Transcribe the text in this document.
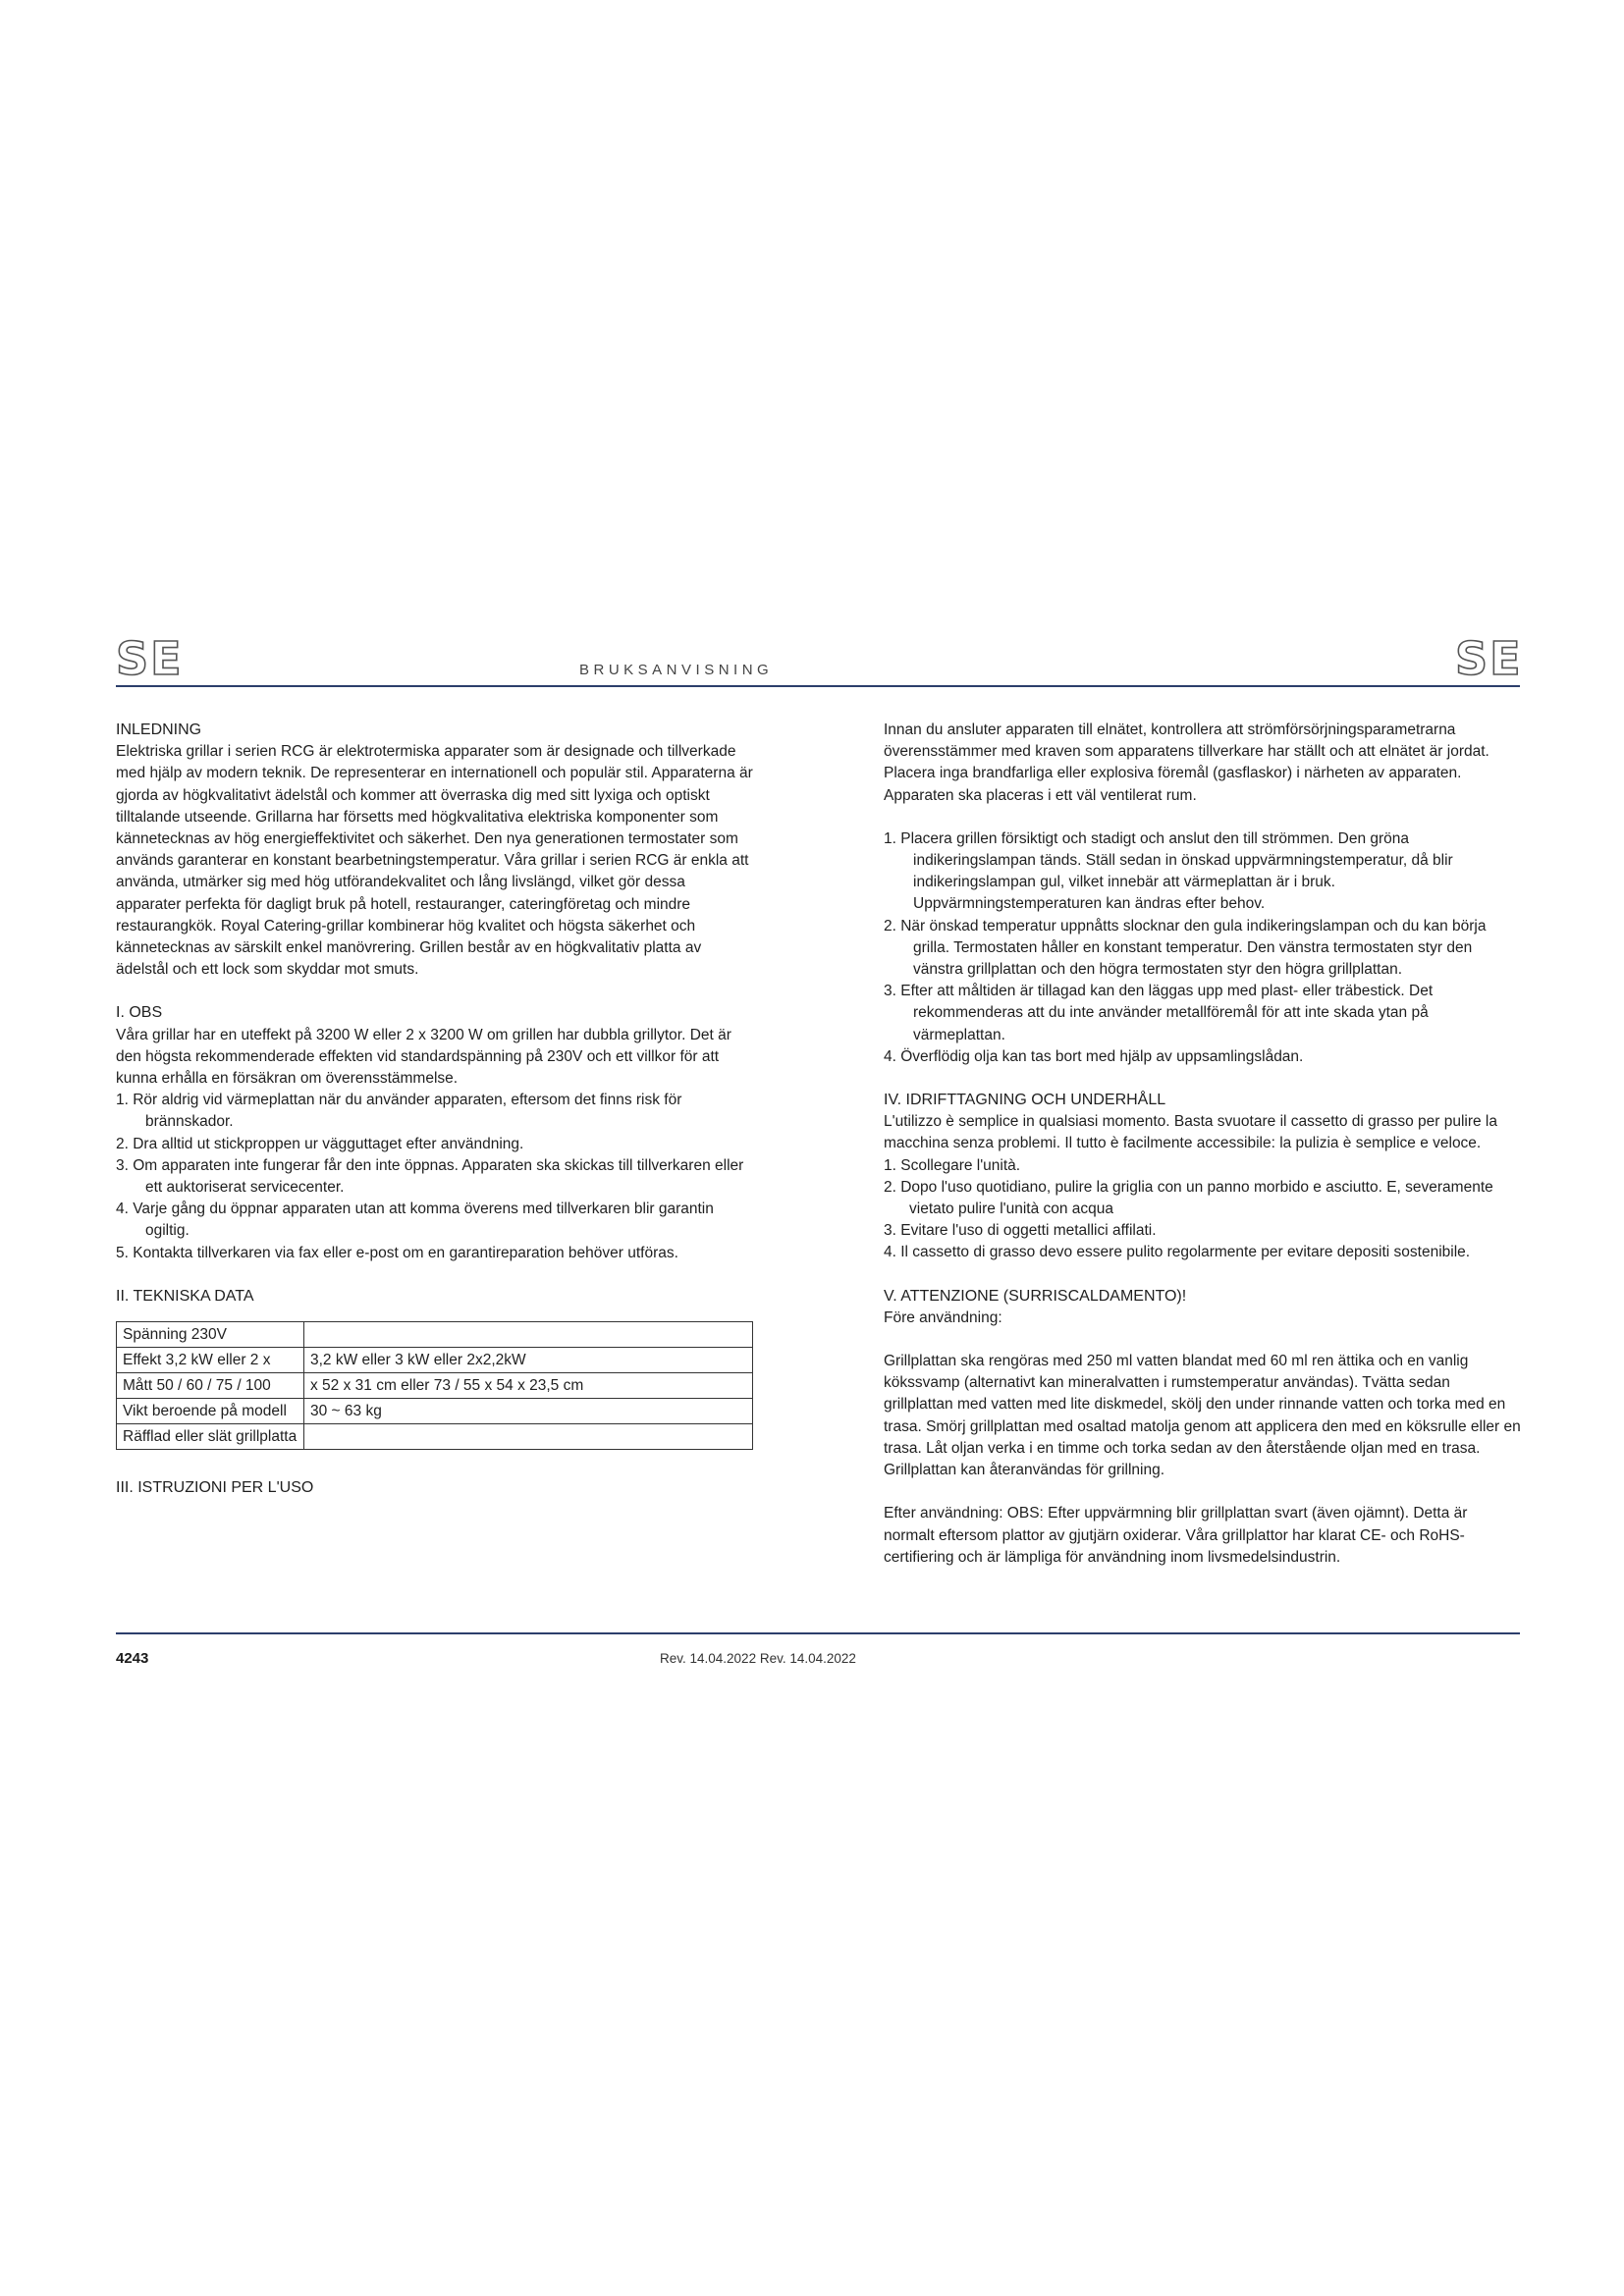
SE	BRUKSANVISNING	SE

INLEDNING

Elektriska grillar i serien RCG är elektrotermiska apparater som är designade och tillverkade med hjälp av modern teknik. De representerar en internationell och populär stil. Apparaterna är gjorda av högkvalitativt ädelstål och kommer att överraska dig med sitt lyxiga och optiskt tilltalande utseende. Grillarna har försetts med högkvalitativa elektriska komponenter som kännetecknas av hög energieffektivitet och säkerhet. Den nya generationen termostater som används garanterar en konstant bearbetningstemperatur. Våra grillar i serien RCG är enkla att använda, utmärker sig med hög utförandekvalitet och lång livslängd, vilket gör dessa apparater perfekta för dagligt bruk på hotell, restauranger, cateringföretag och mindre restaurangkök. Royal Catering-grillar kombinerar hög kvalitet och högsta säkerhet och kännetecknas av särskilt enkel manövrering. Grillen består av en högkvalitativ platta av ädelstål och ett lock som skyddar mot smuts.

I. OBS

Våra grillar har en uteffekt på 3200 W eller 2 x 3200 W om grillen har dubbla grillytor. Det är den högsta rekommenderade effekten vid standardspänning på 230V och ett villkor för att kunna erhålla en försäkran om överensstämmelse.

1. Rör aldrig vid värmeplattan när du använder apparaten, eftersom det finns risk för brännskador.
2. Dra alltid ut stickproppen ur vägguttaget efter användning.
3. Om apparaten inte fungerar får den inte öppnas. Apparaten ska skickas till tillverkaren eller ett auktoriserat servicecenter.
4. Varje gång du öppnar apparaten utan att komma överens med tillverkaren blir garantin ogiltig.
5. Kontakta tillverkaren via fax eller e-post om en garantireparation behöver utföras.

II. TEKNISKA DATA

Spänning 230V	
Effekt 3,2 kW eller 2 x	3,2 kW eller 3 kW eller 2x2,2kW
Mått 50 / 60 / 75 / 100	x 52 x 31 cm eller 73 / 55 x 54 x 23,5 cm
Vikt beroende på modell	30 ~ 63 kg
Räfflad eller slät grillplatta	

III. ISTRUZIONI PER L'USO

Innan du ansluter apparaten till elnätet, kontrollera att strömförsörjningsparametrarna överensstämmer med kraven som apparatens tillverkare har ställt och att elnätet är jordat. Placera inga brandfarliga eller explosiva föremål (gasflaskor) i närheten av apparaten. Apparaten ska placeras i ett väl ventilerat rum.

1. Placera grillen försiktigt och stadigt och anslut den till strömmen. Den gröna indikeringslampan tänds. Ställ sedan in önskad uppvärmningstemperatur, då blir indikeringslampan gul, vilket innebär att värmeplattan är i bruk. Uppvärmningstemperaturen kan ändras efter behov.
2. När önskad temperatur uppnåtts slocknar den gula indikeringslampan och du kan börja grilla. Termostaten håller en konstant temperatur. Den vänstra termostaten styr den vänstra grillplattan och den högra termostaten styr den högra grillplattan.
3. Efter att måltiden är tillagad kan den läggas upp med plast- eller träbestick. Det rekommenderas att du inte använder metallföremål för att inte skada ytan på värmeplattan.
4. Överflödig olja kan tas bort med hjälp av uppsamlingslådan.

IV. IDRIFTTAGNING OCH UNDERHÅLL

L'utilizzo è semplice in qualsiasi momento. Basta svuotare il cassetto di grasso per pulire la macchina senza problemi. Il tutto è facilmente accessibile: la pulizia è semplice e veloce.

1. Scollegare l'unità.
2. Dopo l'uso quotidiano, pulire la griglia con un panno morbido e asciutto. E, severamente vietato pulire l'unità con acqua
3. Evitare l'uso di oggetti metallici affilati.
4. Il cassetto di grasso devo essere pulito regolarmente per evitare depositi sostenibile.

V. ATTENZIONE (SURRISCALDAMENTO)!

Före användning:

Grillplattan ska rengöras med 250 ml vatten blandat med 60 ml ren ättika och en vanlig kökssvamp (alternativt kan mineralvatten i rumstemperatur användas). Tvätta sedan grillplattan med vatten med lite diskmedel, skölj den under rinnande vatten och torka med en trasa. Smörj grillplattan med osaltad matolja genom att applicera den med en köksrulle eller en trasa. Låt oljan verka i en timme och torka sedan av den återstående oljan med en trasa. Grillplattan kan återanvändas för grillning.

Efter användning: OBS: Efter uppvärmning blir grillplattan svart (även ojämnt). Detta är normalt eftersom plattor av gjutjärn oxiderar. Våra grillplattor har klarat CE- och RoHS-certifiering och är lämpliga för användning inom livsmedelsindustrin.

4243	Rev. 14.04.2022 Rev. 14.04.2022
